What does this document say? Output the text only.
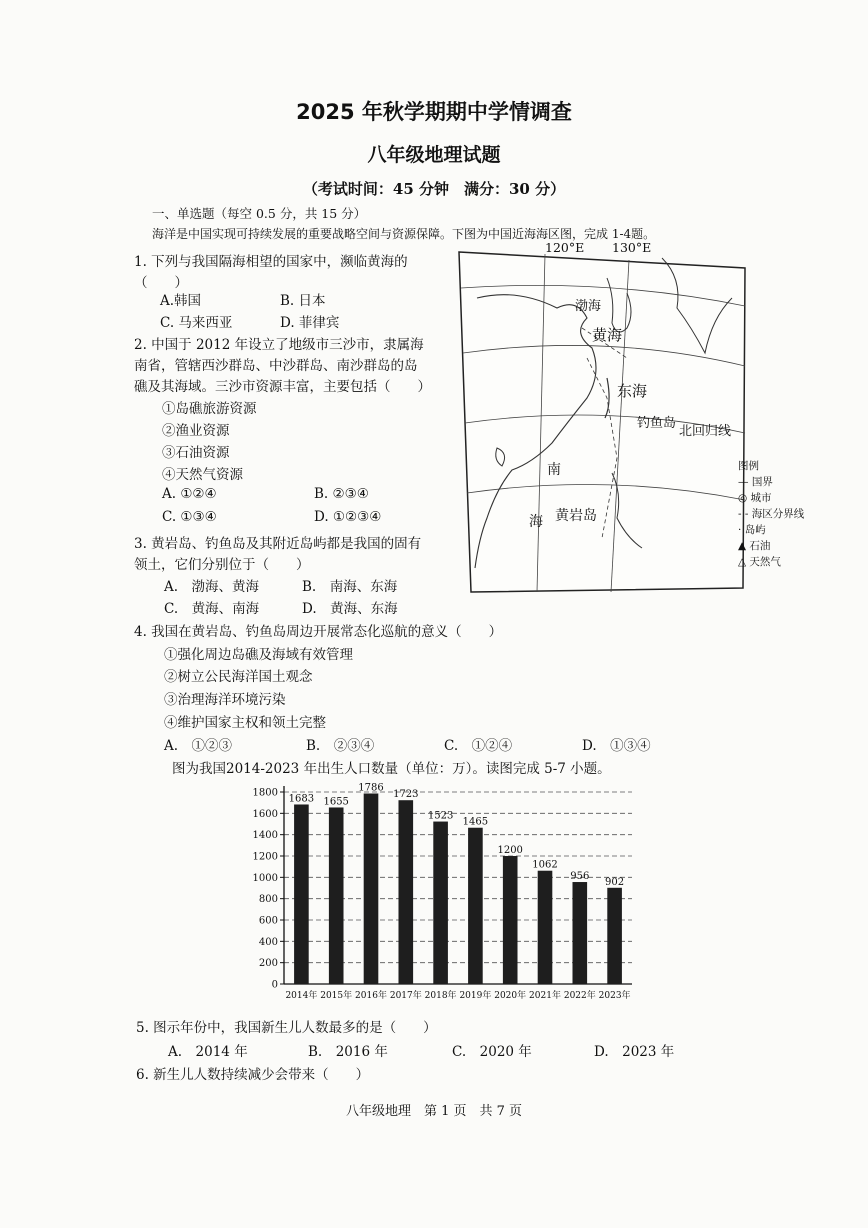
2025 年秋学期期中学情调查
八年级地理试题
（考试时间：45 分钟　满分：30 分）
一、单选题（每空 0.5 分，共 15 分）
海洋是中国实现可持续发展的重要战略空间与资源保障。下图为中国近海海区图，完成 1-4题。
120°E 130°E
渤海
黄海
东海
钓鱼岛
北回归线
南
海 黄岩岛
图例
— 国界
◎ 城市
- - 海区分界线
· 岛屿
▲ 石油
△ 天然气
1. 下列与我国隔海相望的国家中，濒临黄海的
（　　）
A.韩国	B. 日本
C. 马来西亚	D. 菲律宾
2. 中国于 2012 年设立了地级市三沙市，隶属海
南省，管辖西沙群岛、中沙群岛、南沙群岛的岛
礁及其海域。三沙市资源丰富，主要包括（　　）
①岛礁旅游资源
②渔业资源
③石油资源
④天然气资源
A. ①②④	B. ②③④
C. ①③④	D. ①②③④
3. 黄岩岛、钓鱼岛及其附近岛屿都是我国的固有
领土，它们分别位于（　　）
A.　渤海、黄海	B.　南海、东海
C.　黄海、南海	D.　黄海、东海
4. 我国在黄岩岛、钓鱼岛周边开展常态化巡航的意义（　　）
①强化周边岛礁及海域有效管理
②树立公民海洋国土观念
③治理海洋环境污染
④维护国家主权和领土完整
A.　①②③	B.　②③④	C.　①②④	D.　①③④
图为我国2014-2023 年出生人口数量（单位：万）。读图完成 5-7 小题。
0
200
400
600
800
1000
1200
1400
1600
1800
1683
2014年
1655
2015年
1786
2016年
1723
2017年
1523
2018年
1465
2019年
1200
2020年
1062
2021年
956
2022年
902
2023年
5. 图示年份中，我国新生儿人数最多的是（　　）
A.　2014 年	B.　2016 年	C.　2020 年	D.　2023 年
6. 新生儿人数持续减少会带来（　　）
八年级地理　第 1 页　共 7 页
